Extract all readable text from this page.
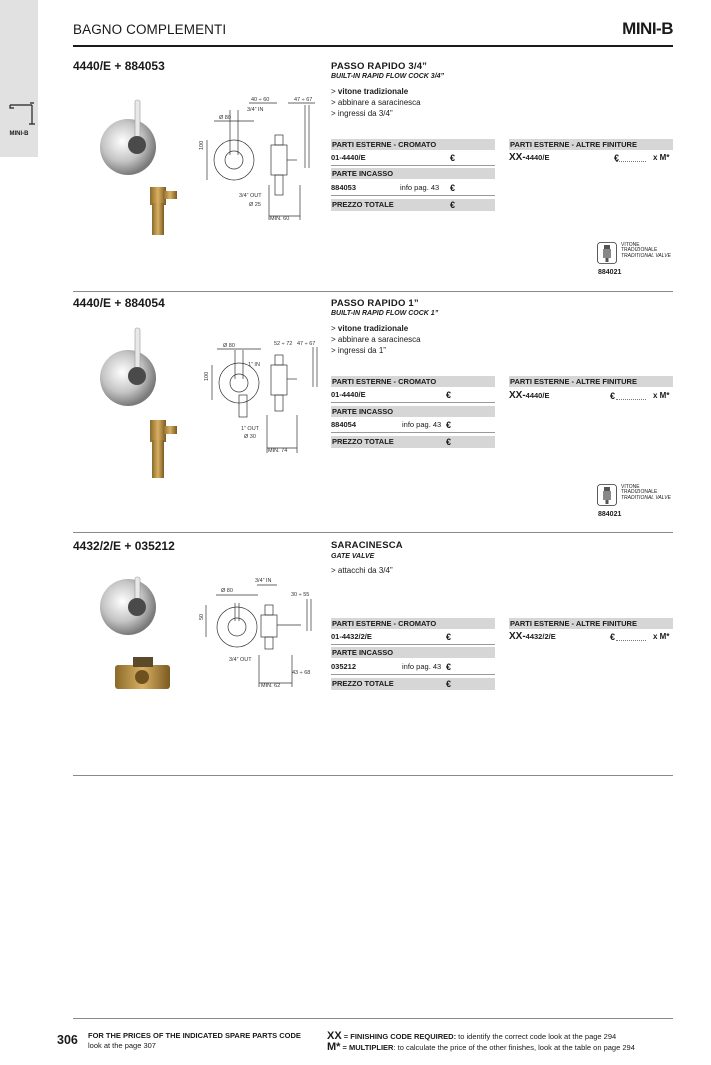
MINI-B
BAGNO COMPLEMENTI	MINI-B
4440/E + 884053
40 ÷ 60	47 ÷ 67
3/4” IN
Ø 80
100
3/4” OUT
Ø 25
MIN. 60
PASSO RAPIDO 3/4”
BUILT-IN RAPID FLOW COCK 3/4”
> vitone tradizionale
> abbinare a saracinesca
> ingressi da 3/4”
PARTI ESTERNE - CROMATO
01-4440/E	€
PARTE INCASSO
884053	info pag. 43 €
PREZZO TOTALE	€
PARTI ESTERNE - ALTRE FINITURE
XX-4440/E	€	x M*
VITONE
TRADIZIONALE
TRADITIONAL VALVE
884021
4440/E + 884054
Ø 80	52 ÷ 72 47 ÷ 67
1” IN
100
1” OUT
Ø 30
MIN. 74
PASSO RAPIDO 1”
BUILT-IN RAPID FLOW COCK 1”
> vitone tradizionale
> abbinare a saracinesca
> ingressi da 1”
PARTI ESTERNE - CROMATO
01-4440/E	€
PARTE INCASSO
884054	info pag. 43 €
PREZZO TOTALE	€
PARTI ESTERNE - ALTRE FINITURE
XX-4440/E	€	x M*
VITONE
TRADIZIONALE
TRADITIONAL VALVE
884021
4432/2/E + 035212
3/4” IN
Ø 80
30 ÷ 55
50
3/4” OUT
43 ÷ 68
MIN. 62
SARACINESCA
GATE VALVE
> attacchi da 3/4”
PARTI ESTERNE - CROMATO
01-4432/2/E	€
PARTE INCASSO
035212	info pag. 43 €
PREZZO TOTALE	€
PARTI ESTERNE - ALTRE FINITURE
XX-4432/2/E	€	x M*
306 FOR THE PRICES OF THE INDICATED SPARE PARTS CODE
look at the page 307
XX = FINISHING CODE REQUIRED: to identify the correct code look at the page 294
M* = MULTIPLIER: to calculate the price of the other finishes, look at the table on page 294
